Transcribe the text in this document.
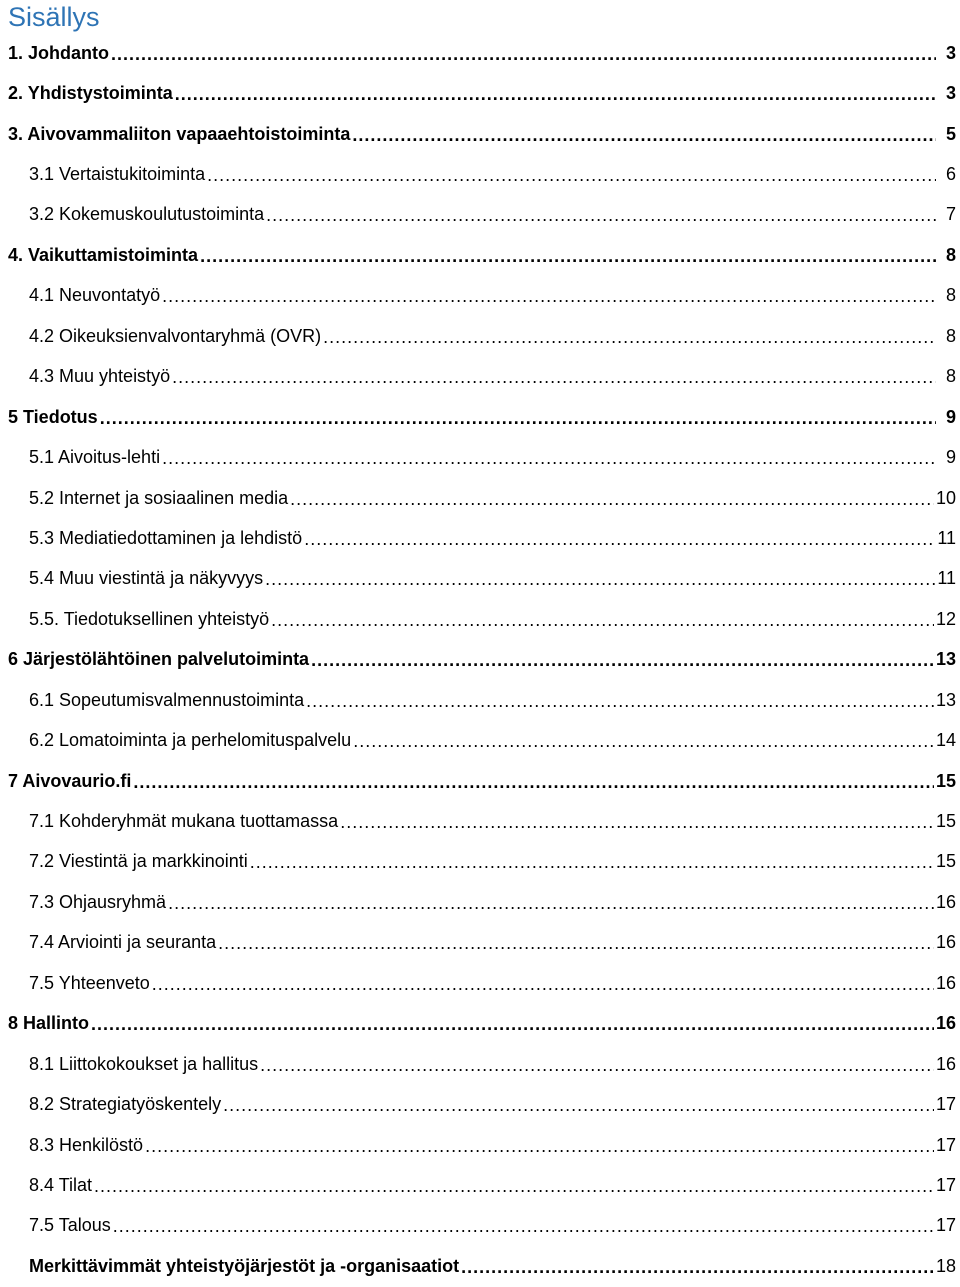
Sisällys
1. Johdanto .....	3
2. Yhdistystoiminta .....	3
3. Aivovammaliiton vapaaehtoistoiminta .....	5
3.1 Vertaistukitoiminta .....	6
3.2 Kokemuskoulutustoiminta .....	7
4. Vaikuttamistoiminta .....	8
4.1 Neuvontatyö .....	8
4.2 Oikeuksienvalvontaryhmä (OVR) .....	8
4.3 Muu yhteistyö .....	8
5 Tiedotus .....	9
5.1 Aivoitus-lehti .....	9
5.2 Internet ja sosiaalinen media .....	10
5.3 Mediatiedottaminen ja lehdistö .....	11
5.4 Muu viestintä ja näkyvyys .....	11
5.5. Tiedotuksellinen yhteistyö .....	12
6 Järjestölähtöinen palvelutoiminta .....	13
6.1 Sopeutumisvalmennustoiminta .....	13
6.2 Lomatoiminta ja perhelomituspalvelu .....	14
7 Aivovaurio.fi .....	15
7.1 Kohderyhmät mukana tuottamassa .....	15
7.2 Viestintä ja markkinointi .....	15
7.3 Ohjausryhmä .....	16
7.4 Arviointi ja seuranta .....	16
7.5 Yhteenveto .....	16
8 Hallinto .....	16
8.1 Liittokokoukset ja hallitus .....	16
8.2 Strategiatyöskentely .....	17
8.3 Henkilöstö .....	17
8.4 Tilat .....	17
7.5 Talous .....	17
Merkittävimmät yhteistyöjärjestöt ja -organisaatiot .....	18
